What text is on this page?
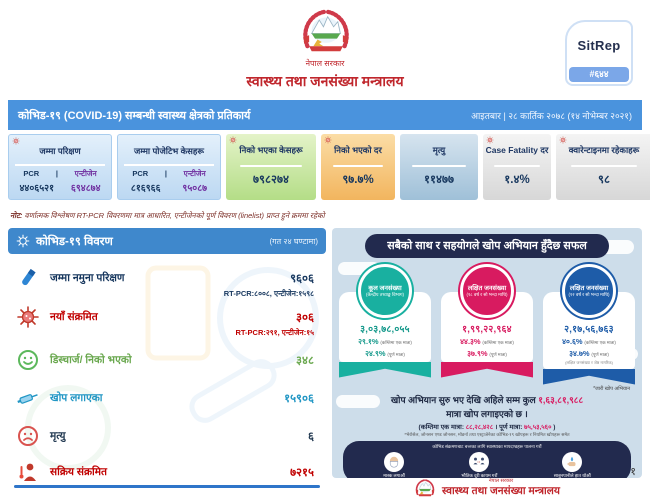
नेपाल सरकार
स्वास्थ्य तथा जनसंख्या मन्त्रालय
SitRep
#६४४
कोभिड-१९ (COVID-19) सम्बन्धी स्वास्थ्य क्षेत्रको प्रतिकार्य	आइतबार | २८ कार्तिक २०७८ (१४ नोभेम्बर २०२१)
जम्मा परिक्षण
PCR | एन्टीजेन
४४०६५२१ ६९४८७४
जम्मा पोजेटिभ केसहरू
PCR | एन्टीजेन
८१६९६६ ९५०८७
निको भएका केसहरू
७९८२७४
निको भएको दर
९७.७%
मृत्यु
११४७७
Case Fatality दर
१.४%
क्वारेन्टाइनमा रहेकाहरू
९८
नोट: वर्णात्मक विश्लेषण RT-PCR विवरणमा मात्र आधारित, एन्टीजेनको पूर्ण विवरण (linelist) प्राप्त हुने क्रममा रहेको
कोभिड-१९ विवरण	(गत २४ घण्टामा)
जम्मा नमुना परिक्षण	९६०६
RT-PCR:८००८, एन्टीजेन:१५९८
नयाँ संक्रमित	३०६
RT-PCR:२९१, एन्टीजेन:१५
डिस्चार्ज/ निको भएको	३४८
खोप लगाएका	१५९०६
मृत्यु	६
सक्रिय संक्रमित	७२१५
सबैको साथ र सहयोगले खोप अभियान हुँदैछ सफल
कूल जनसंख्या
(केन्द्रीय तथ्याङ्क विभाग)
३,०३,७८,०५५
२९.१% (कम्तिमा एक मात्रा)
२४.९% (पूर्ण मात्रा)
लक्षित जनसंख्या
(१८ वर्ष र सो भन्दा माथि)
१,९९,२२,९६४
४४.३% (कम्तिमा एक मात्रा)
३७.९% (पूर्ण मात्रा)
लक्षित जनसंख्या
(१२ वर्ष र सो भन्दा माथि)
२,१७,५६,७६३
४०.६% (कम्तिमा एक मात्रा)
३४.७% (पूर्ण मात्रा)
(लक्षित जनसंख्या र जेष्ठ नागरिक)
*जारी खोप अभियान
खोप अभियान सुरु भए देखि अहिले सम्म कुल १,६३,८१,९८८
मात्रा खोप लगाइएको छ ।
(कम्तिमा एक मात्रा: ८८,२८,४२८ । पूर्ण मात्रा: ७५,५३,५६० )
*भेरोसेल, जोनसन एण्ड जोनसन, मोडर्ना तथा एस्ट्राजेनेका कोभिड-१९ खोपहरू र नियमित खोपहरू समेत
कोभिड संक्रमणबाट बच्नका लागि स्वास्थ्यका मापदण्डहरू पालना गरौं
मास्क लगाऔं	भौतिक दूरी कायम गरौं	साबुनपानीले हात धोऔं
नेपाल सरकार
स्वास्थ्य तथा जनसंख्या मन्त्रालय
१
